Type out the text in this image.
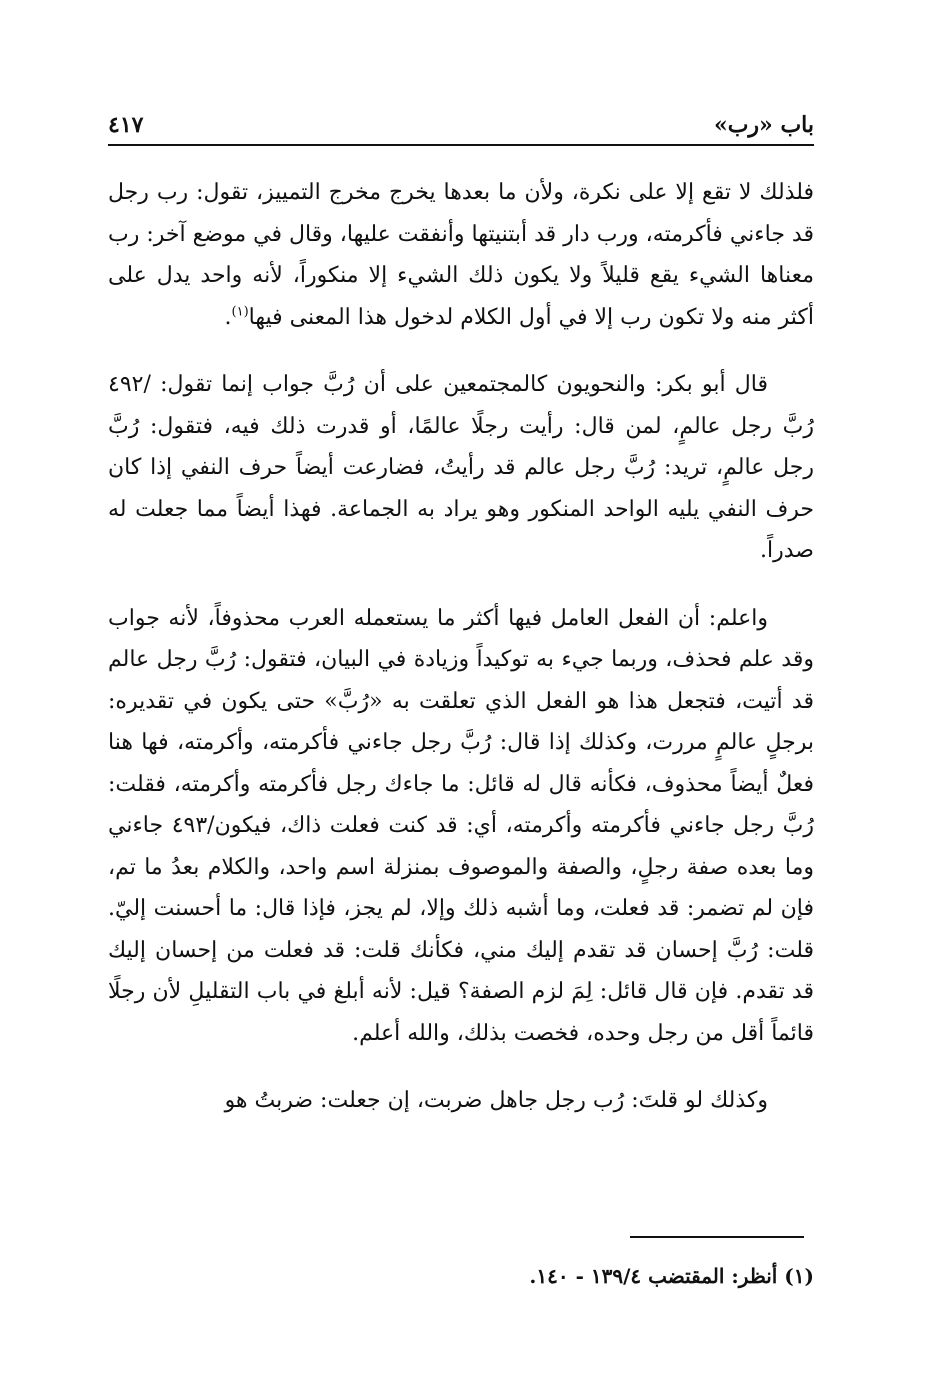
باب «رب»
٤١٧

فلذلك لا تقع إلا على نكرة، ولأن ما بعدها يخرج مخرج التمييز، تقول: رب رجل قد جاءني فأكرمته، ورب دار قد أبتنيتها وأنفقت عليها، وقال في موضع آخر: رب معناها الشيء يقع قليلاً ولا يكون ذلك الشيء إلا منكوراً، لأنه واحد يدل على أكثر منه ولا تكون رب إلا في أول الكلام لدخول هذا المعنى فيها$^{(١)}$.

قال أبو بكر: والنحويون كالمجتمعين على أن رُبَّ جواب إنما تقول: /٤٩٢ رُبَّ رجل عالمٍ، لمن قال: رأيت رجلًا عالمًا، أو قدرت ذلك فيه، فتقول: رُبَّ رجل عالمٍ، تريد: رُبَّ رجل عالم قد رأيتُ، فضارعت أيضاً حرف النفي إذا كان حرف النفي يليه الواحد المنكور وهو يراد به الجماعة. فهذا أيضاً مما جعلت له صدراً.

واعلم: أن الفعل العامل فيها أكثر ما يستعمله العرب محذوفاً، لأنه جواب وقد علم فحذف، وربما جيء به توكيداً وزيادة في البيان، فتقول: رُبَّ رجل عالم قد أتيت، فتجعل هذا هو الفعل الذي تعلقت به «رُبَّ» حتى يكون في تقديره: برجلٍ عالمٍ مررت، وكذلك إذا قال: رُبَّ رجل جاءني فأكرمته، وأكرمته، فها هنا فعلٌ أيضاً محذوف، فكأنه قال له قائل: ما جاءك رجل فأكرمته وأكرمته، فقلت: رُبَّ رجل جاءني فأكرمته وأكرمته، أي: قد كنت فعلت ذاك، فيكون/٤٩٣ جاءني وما بعده صفة رجلٍ، والصفة والموصوف بمنزلة اسم واحد، والكلام بعدُ ما تم، فإن لم تضمر: قد فعلت، وما أشبه ذلك وإلا، لم يجز، فإذا قال: ما أحسنت إليّ. قلت: رُبَّ إحسان قد تقدم إليك مني، فكأنك قلت: قد فعلت من إحسان إليك قد تقدم. فإن قال قائل: لِمَ لزم الصفة؟ قيل: لأنه أبلغ في باب التقليلِ لأن رجلًا قائماً أقل من رجل وحده، فخصت بذلك، والله أعلم.

وكذلك لو قلتَ: رُب رجل جاهل ضربت، إن جعلت: ضربتُ هو

(١) أنظر: المقتضب ١٣٩/٤ - ١٤٠.
